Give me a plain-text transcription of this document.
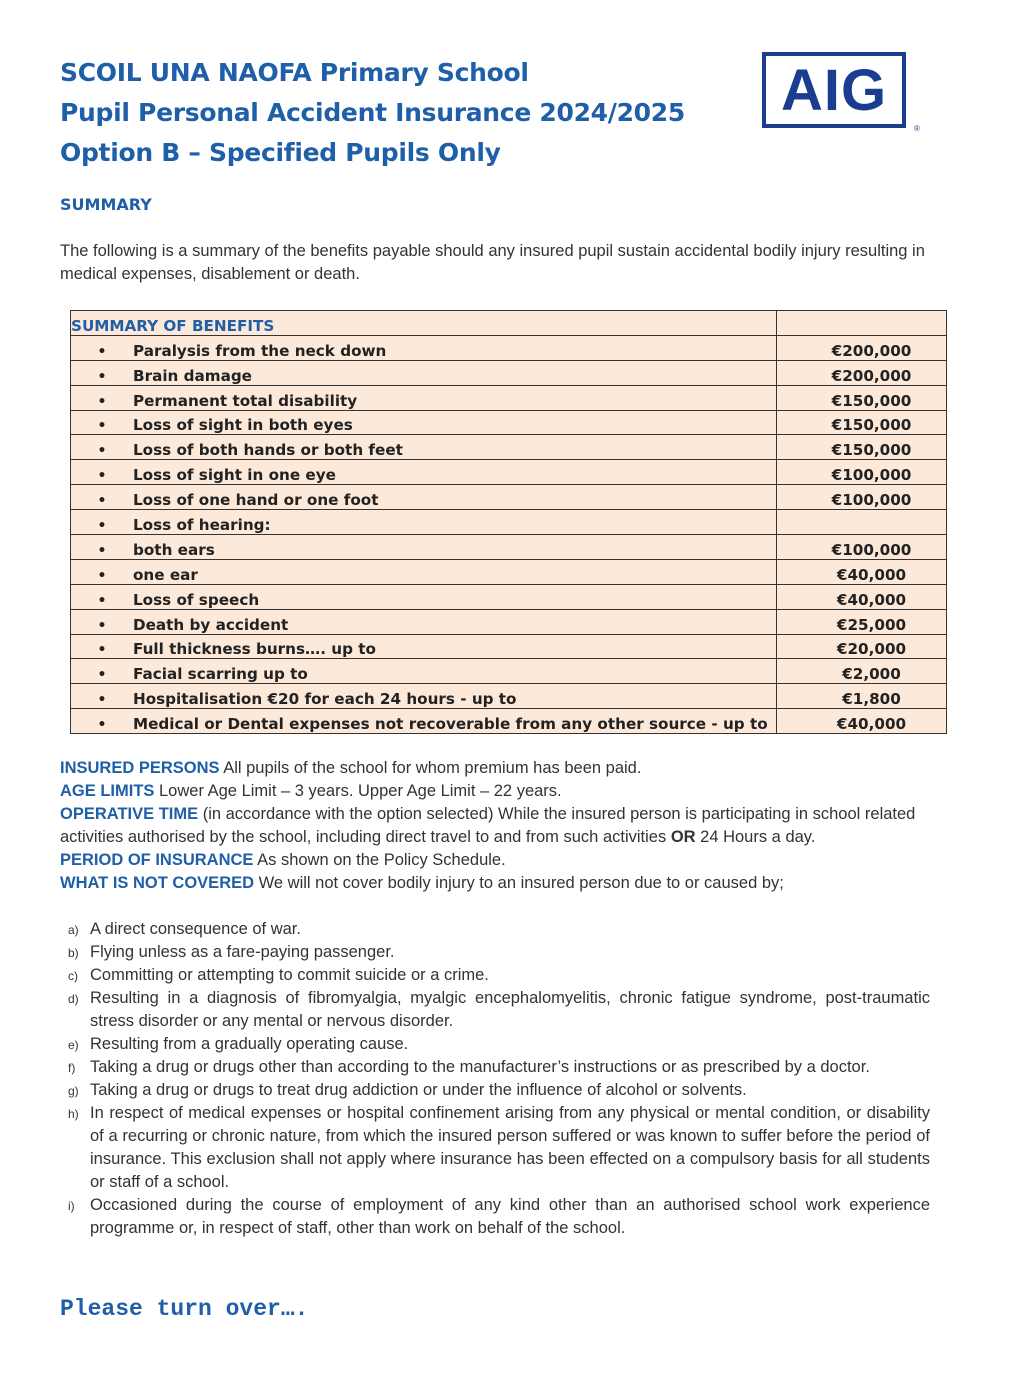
SCOIL UNA NAOFA Primary School
Pupil Personal Accident Insurance 2024/2025
Option B – Specified Pupils Only
AIG
®
SUMMARY
The following is a summary of the benefits payable should any insured pupil sustain accidental bodily injury resulting in medical expenses, disablement or death.
SUMMARY OF BENEFITS	
• Paralysis from the neck down	€200,000
• Brain damage	€200,000
• Permanent total disability	€150,000
• Loss of sight in both eyes	€150,000
• Loss of both hands or both feet	€150,000
• Loss of sight in one eye	€100,000
• Loss of one hand or one foot	€100,000
• Loss of hearing:	
• both ears	€100,000
• one ear	€40,000
• Loss of speech	€40,000
• Death by accident	€25,000
• Full thickness burns…. up to	€20,000
• Facial scarring up to	€2,000
• Hospitalisation €20 for each 24 hours - up to	€1,800
• Medical or Dental expenses not recoverable from any other source - up to	€40,000
INSURED PERSONS All pupils of the school for whom premium has been paid.
AGE LIMITS Lower Age Limit – 3 years. Upper Age Limit – 22 years.
OPERATIVE TIME (in accordance with the option selected) While the insured person is participating in school related activities authorised by the school, including direct travel to and from such activities OR 24 Hours a day.
PERIOD OF INSURANCE As shown on the Policy Schedule.
WHAT IS NOT COVERED We will not cover bodily injury to an insured person due to or caused by;
a) A direct consequence of war.
b) Flying unless as a fare-paying passenger.
c) Committing or attempting to commit suicide or a crime.
d) Resulting in a diagnosis of fibromyalgia, myalgic encephalomyelitis, chronic fatigue syndrome, post-traumatic stress disorder or any mental or nervous disorder.
e) Resulting from a gradually operating cause.
f) Taking a drug or drugs other than according to the manufacturer’s instructions or as prescribed by a doctor.
g) Taking a drug or drugs to treat drug addiction or under the influence of alcohol or solvents.
h) In respect of medical expenses or hospital confinement arising from any physical or mental condition, or disability of a recurring or chronic nature, from which the insured person suffered or was known to suffer before the period of insurance. This exclusion shall not apply where insurance has been effected on a compulsory basis for all students or staff of a school.
i) Occasioned during the course of employment of any kind other than an authorised school work experience programme or, in respect of staff, other than work on behalf of the school.
Please turn over….
